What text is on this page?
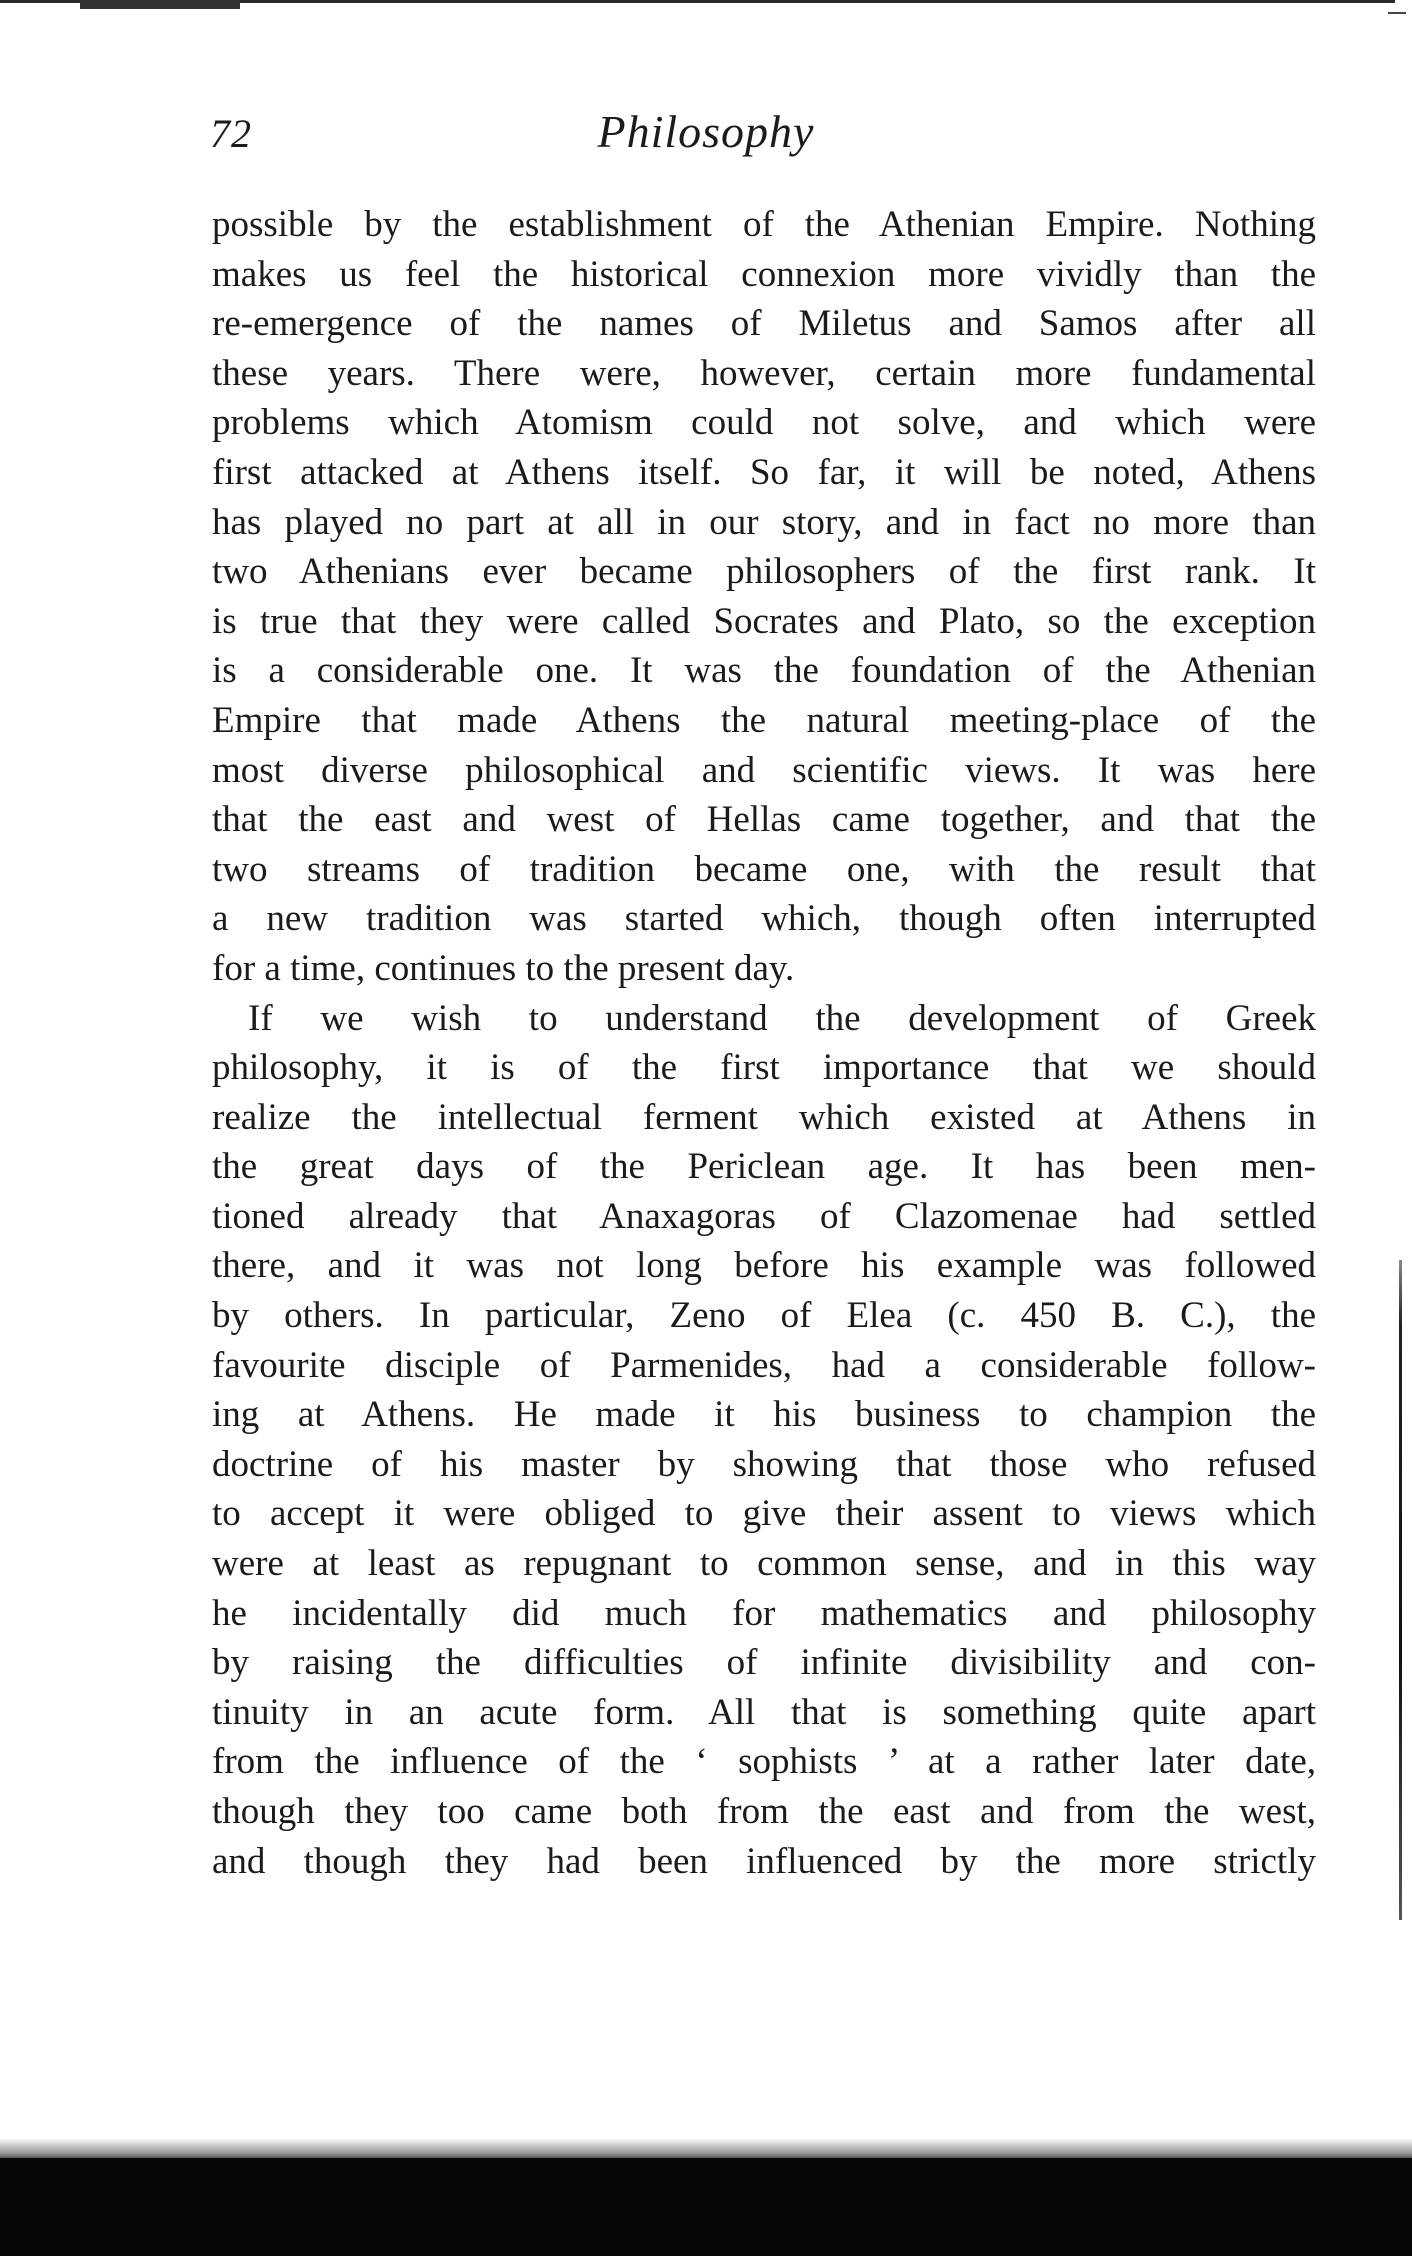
72	Philosophy
possible by the establishment of the Athenian Empire. Nothing
makes us feel the historical connexion more vividly than the
re-emergence of the names of Miletus and Samos after all
these years. There were, however, certain more fundamental
problems which Atomism could not solve, and which were
first attacked at Athens itself. So far, it will be noted, Athens
has played no part at all in our story, and in fact no more than
two Athenians ever became philosophers of the first rank. It
is true that they were called Socrates and Plato, so the exception
is a considerable one. It was the foundation of the Athenian
Empire that made Athens the natural meeting-place of the
most diverse philosophical and scientific views. It was here
that the east and west of Hellas came together, and that the
two streams of tradition became one, with the result that
a new tradition was started which, though often interrupted
for a time, continues to the present day.
If we wish to understand the development of Greek
philosophy, it is of the first importance that we should
realize the intellectual ferment which existed at Athens in
the great days of the Periclean age. It has been men-
tioned already that Anaxagoras of Clazomenae had settled
there, and it was not long before his example was followed
by others. In particular, Zeno of Elea (c. 450 B. C.), the
favourite disciple of Parmenides, had a considerable follow-
ing at Athens. He made it his business to champion the
doctrine of his master by showing that those who refused
to accept it were obliged to give their assent to views which
were at least as repugnant to common sense, and in this way
he incidentally did much for mathematics and philosophy
by raising the difficulties of infinite divisibility and con-
tinuity in an acute form. All that is something quite apart
from the influence of the ‘ sophists ’ at a rather later date,
though they too came both from the east and from the west,
and though they had been influenced by the more strictly
